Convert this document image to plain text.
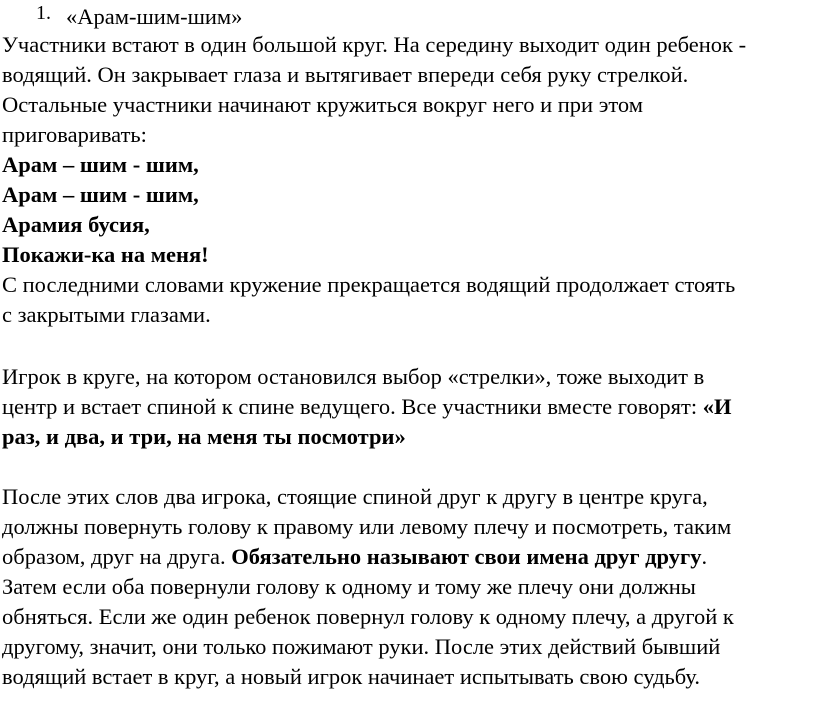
1. «Арам-шим-шим»
Участники встают в один большой круг. На середину выходит один ребенок -
водящий. Он закрывает глаза и вытягивает впереди себя руку стрелкой.
Остальные участники начинают кружиться вокруг него и при этом
приговаривать:
Арам – шим - шим,
Арам – шим - шим,
Арамия бусия,
Покажи-ка на меня!
С последними словами кружение прекращается водящий продолжает стоять
с закрытыми глазами.
Игрок в круге, на котором остановился выбор «стрелки», тоже выходит в
центр и встает спиной к спине ведущего. Все участники вместе говорят: «И
раз, и два, и три, на меня ты посмотри»
После этих слов два игрока, стоящие спиной друг к другу в центре круга,
должны повернуть голову к правому или левому плечу и посмотреть, таким
образом, друг на друга. Обязательно называют свои имена друг другу.
Затем если оба повернули голову к одному и тому же плечу они должны
обняться. Если же один ребенок повернул голову к одному плечу, а другой к
другому, значит, они только пожимают руки. После этих действий бывший
водящий встает в круг, а новый игрок начинает испытывать свою судьбу.
